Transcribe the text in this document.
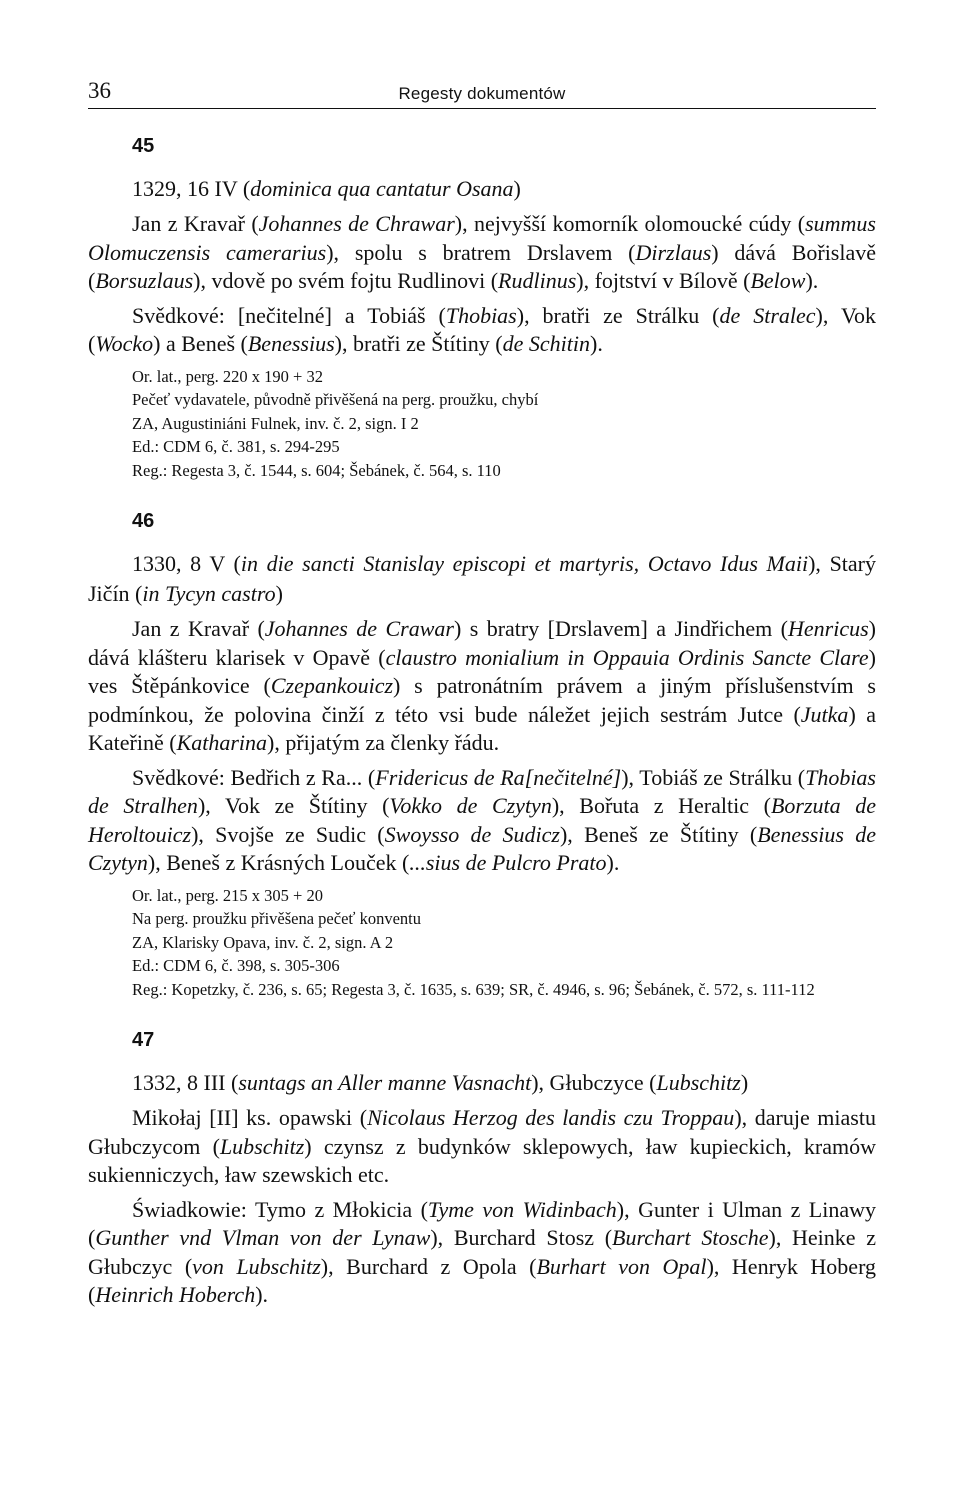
36	Regesty dokumentów
45

1329, 16 IV (dominica qua cantatur Osana)

Jan z Kravař (Johannes de Chrawar), nejvyšší komorník olomoucké cúdy (summus Olomuczensis camerarius), spolu s bratrem Drslavem (Dirzlaus) dává Bořislavě (Borsuzlaus), vdově po svém fojtu Rudlinovi (Rudlinus), fojtství v Bílově (Below).

Svědkové: [nečitelné] a Tobiáš (Thobias), bratři ze Strálku (de Stralec), Vok (Wocko) a Beneš (Benessius), bratři ze Štítiny (de Schitin).

Or. lat., perg. 220 x 190 + 32

Pečeť vydavatele, původně přivěšená na perg. proužku, chybí

ZA, Augustiniáni Fulnek, inv. č. 2, sign. I 2

Ed.: CDM 6, č. 381, s. 294-295

Reg.: Regesta 3, č. 1544, s. 604; Šebánek, č. 564, s. 110

46

1330, 8 V (in die sancti Stanislay episcopi et martyris, Octavo Idus Maii), Starý Jičín (in Tycyn castro)

Jan z Kravař (Johannes de Crawar) s bratry [Drslavem] a Jindřichem (Henricus) dává klášteru klarisek v Opavě (claustro monialium in Oppauia Ordinis Sancte Clare) ves Štěpánkovice (Czepankouicz) s patronátním právem a jiným příslušenstvím s podmínkou, že polovina činží z této vsi bude náležet jejich sestrám Jutce (Jutka) a Kateřině (Katharina), přijatým za členky řádu.

Svědkové: Bedřich z Ra... (Fridericus de Ra[nečitelné]), Tobiáš ze Strálku (Thobias de Stralhen), Vok ze Štítiny (Vokko de Czytyn), Bořuta z Heraltic (Borzuta de Heroltouicz), Svojše ze Sudic (Swoysso de Sudicz), Beneš ze Štítiny (Benessius de Czytyn), Beneš z Krásných Louček (...sius de Pulcro Prato).

Or. lat., perg. 215 x 305 + 20

Na perg. proužku přivěšena pečeť konventu

ZA, Klarisky Opava, inv. č. 2, sign. A 2

Ed.: CDM 6, č. 398, s. 305-306

Reg.: Kopetzky, č. 236, s. 65; Regesta 3, č. 1635, s. 639; SR, č. 4946, s. 96; Šebánek, č. 572, s. 111-112

47

1332, 8 III (suntags an Aller manne Vasnacht), Głubczyce (Lubschitz)

Mikołaj [II] ks. opawski (Nicolaus Herzog des landis czu Troppau), daruje miastu Głubczycom (Lubschitz) czynsz z budynków sklepowych, ław kupieckich, kramów sukienniczych, ław szewskich etc.

Świadkowie: Tymo z Młokicia (Tyme von Widinbach), Gunter i Ulman z Linawy (Gunther vnd Vlman von der Lynaw), Burchard Stosz (Burchart Stosche), Heinke z Głubczyc (von Lubschitz), Burchard z Opola (Burhart von Opal), Henryk Hoberg (Heinrich Hoberch).
